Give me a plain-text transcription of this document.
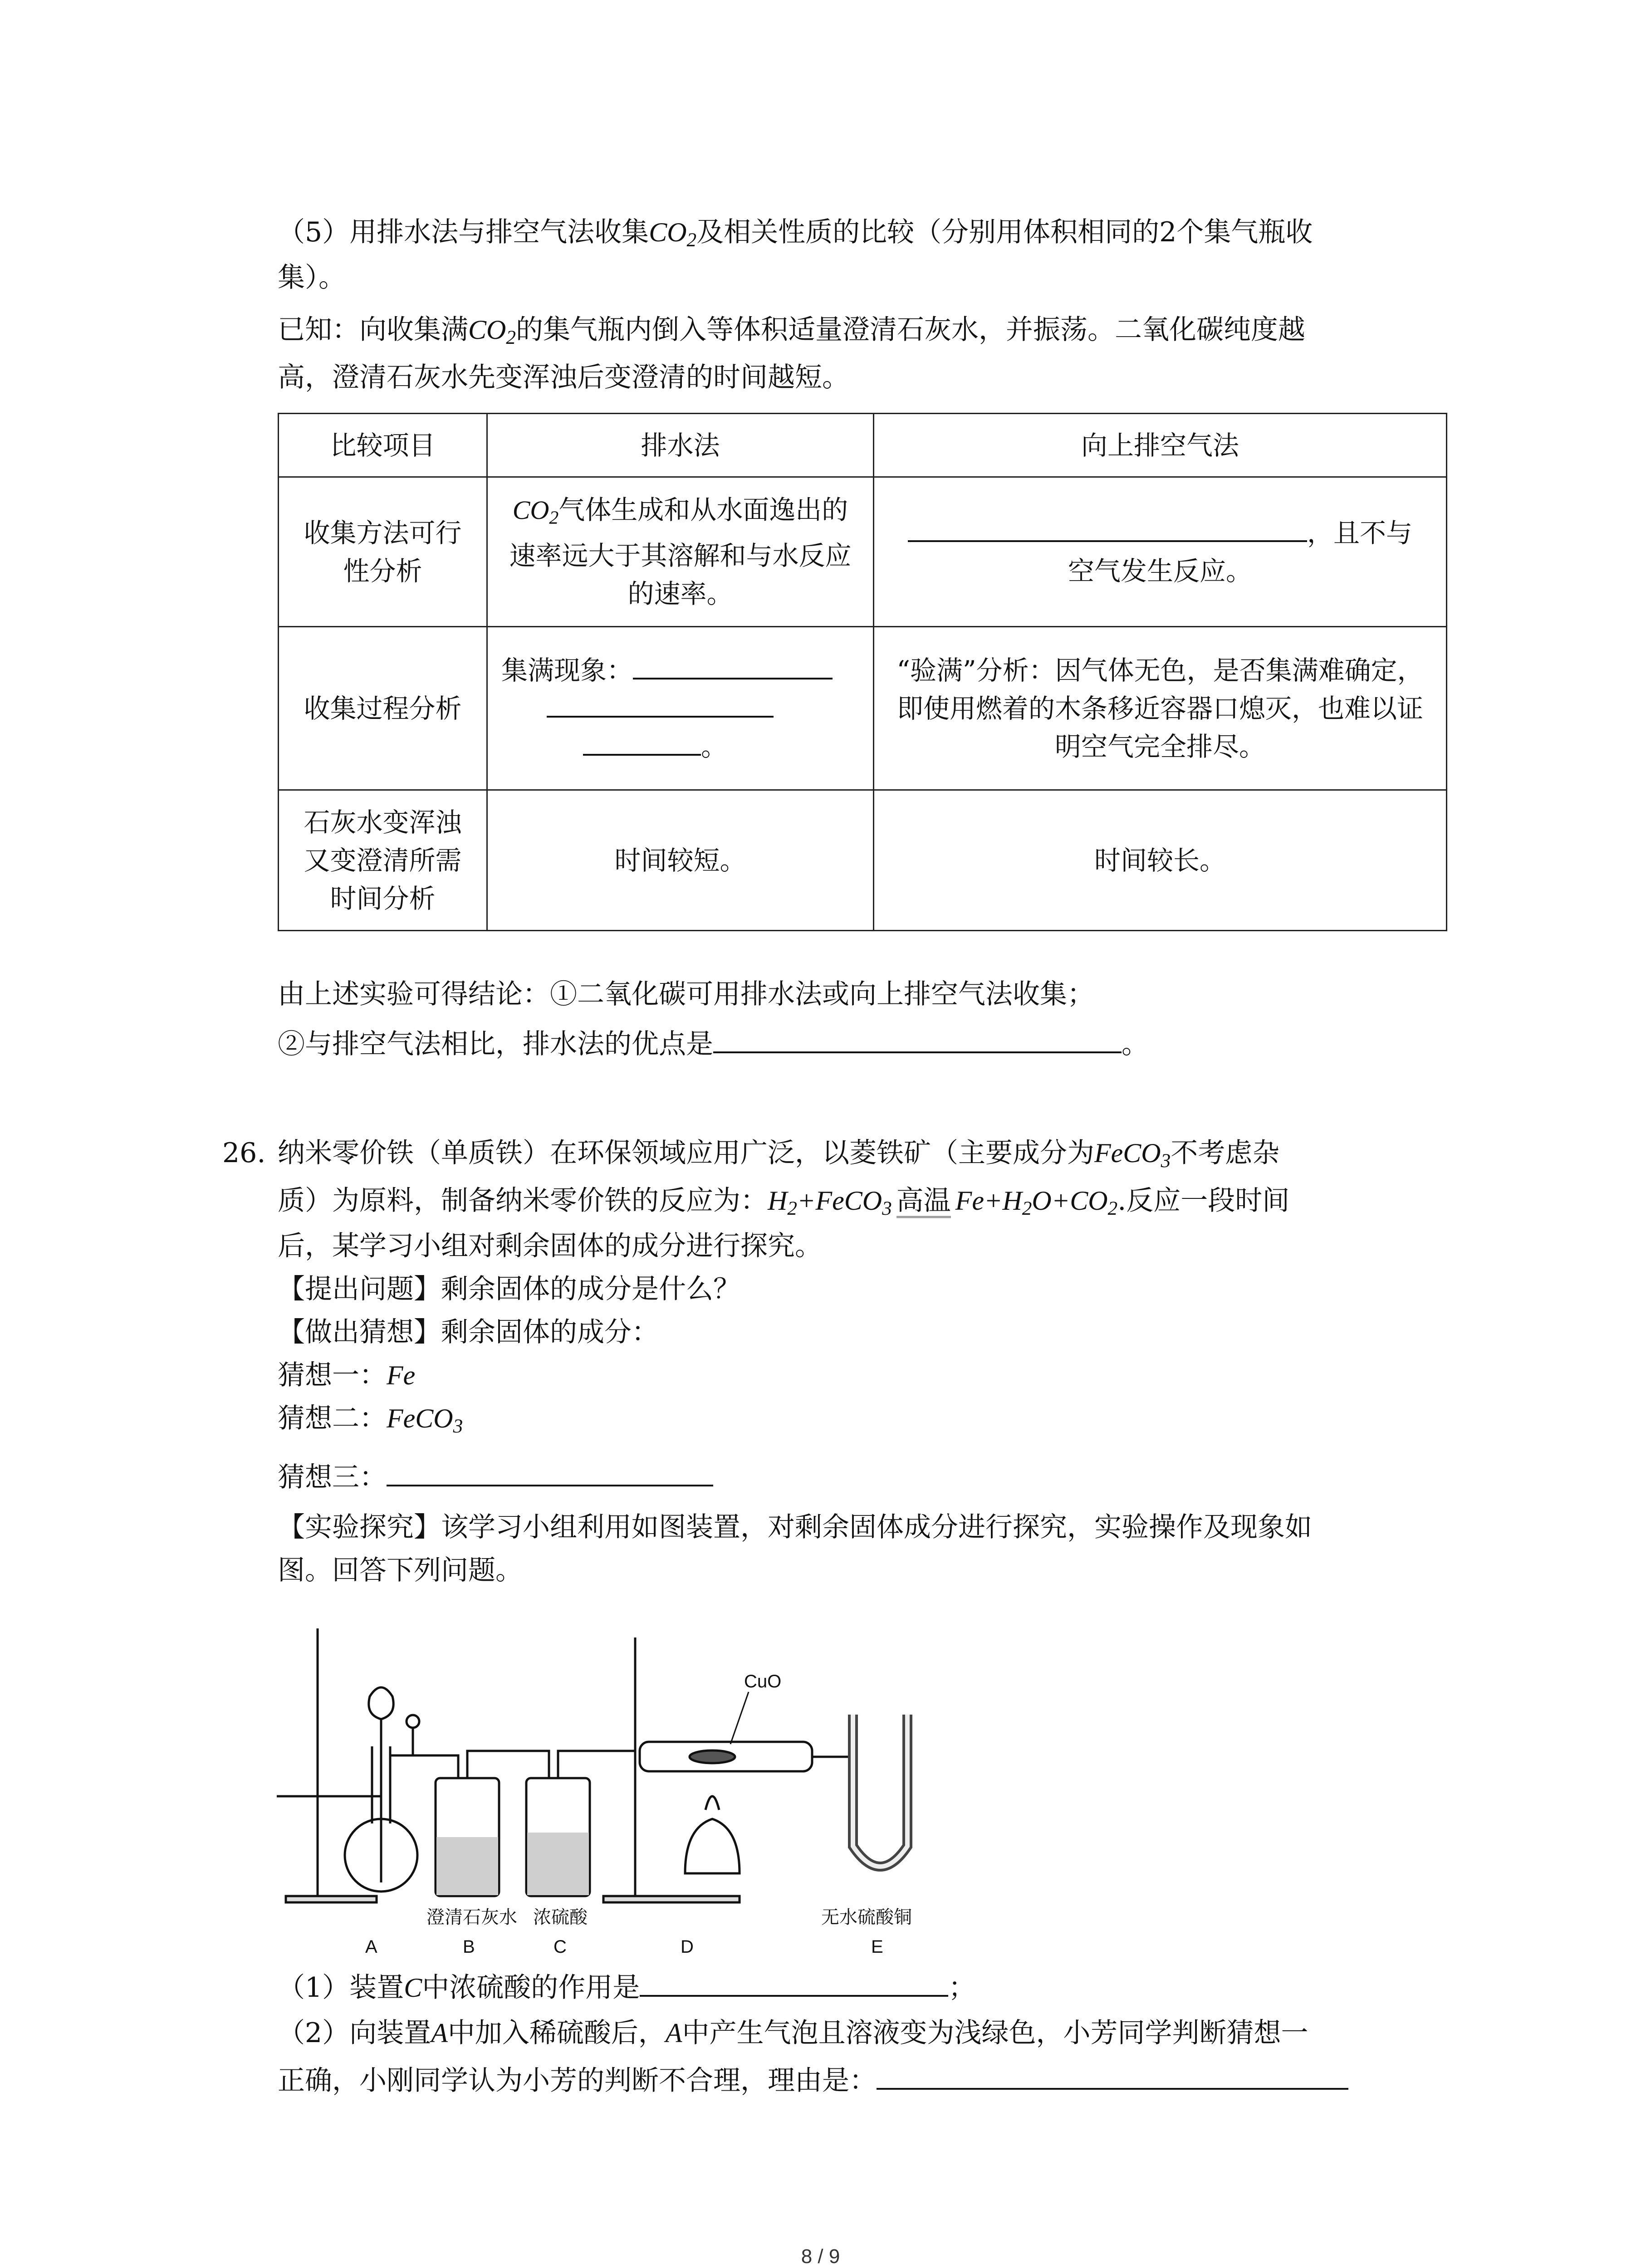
（5）用排水法与排空气法收集$CO_2$及相关性质的比较（分别用体积相同的2个集气瓶收
集）。
已知：向收集满$CO_2$的集气瓶内倒入等体积适量澄清石灰水，并振荡。二氧化碳纯度越
高，澄清石灰水先变浑浊后变澄清的时间越短。
比较项目	排水法	向上排空气法
收集方法可行性分析	$CO_2$气体生成和从水面逸出的速率远大于其溶解和与水反应的速率。	，且不与
空气发生反应。
收集过程分析	集满现象：

。	“验满”分析：因气体无色，是否集满难确定，即使用燃着的木条移近容器口熄灭，也难以证明空气完全排尽。
石灰水变浑浊又变澄清所需时间分析	时间较短。	时间较长。
由上述实验可得结论：①二氧化碳可用排水法或向上排空气法收集；
②与排空气法相比，排水法的优点是	。
26. 纳米零价铁（单质铁）在环保领域应用广泛，以菱铁矿（主要成分为FeCO$_3$不考虑杂
质）为原料，制备纳米零价铁的反应为：$H_2+FeCO_3$ 高温 $Fe+H_2O+CO_2$.反应一段时间
后，某学习小组对剩余固体的成分进行探究。
【提出问题】剩余固体的成分是什么？
【做出猜想】剩余固体的成分：
猜想一：Fe
猜想二：FeCO$_3$
猜想三：
【实验探究】该学习小组利用如图装置，对剩余固体成分进行探究，实验操作及现象如
图。回答下列问题。
CuO
澄清石灰水 浓硫酸	无水硫酸铜
A	B	C	D	E
（1）装置C中浓硫酸的作用是	；
（2）向装置A中加入稀硫酸后，A中产生气泡且溶液变为浅绿色，小芳同学判断猜想一
正确，小刚同学认为小芳的判断不合理，理由是：
8 / 9
